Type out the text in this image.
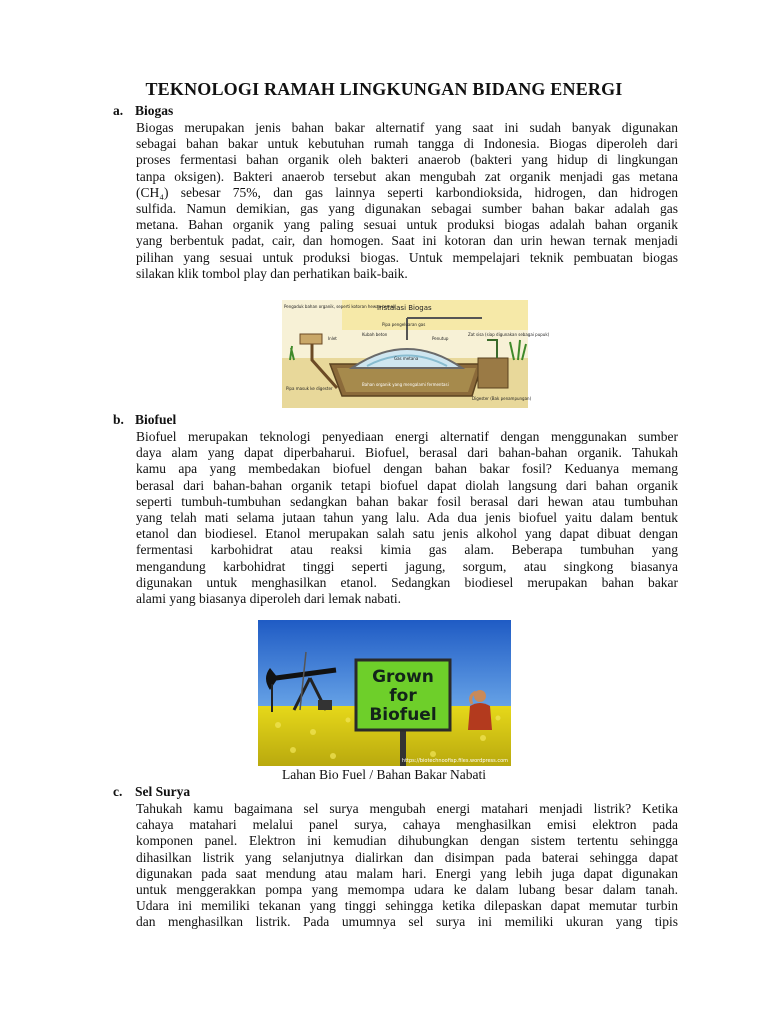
TEKNOLOGI RAMAH LINGKUNGAN BIDANG ENERGI
a. Biogas
Biogas merupakan jenis bahan bakar alternatif yang saat ini sudah banyak digunakan
sebagai bahan bakar untuk kebutuhan rumah tangga di Indonesia. Biogas diperoleh dari
proses fermentasi bahan organik oleh bakteri anaerob (bakteri yang hidup di lingkungan
tanpa oksigen). Bakteri anaerob tersebut akan mengubah zat organik menjadi gas metana
(CH₄) sebesar 75%, dan gas lainnya seperti karbondioksida, hidrogen, dan hidrogen
sulfida. Namun demikian, gas yang digunakan sebagai sumber bahan bakar adalah gas
metana. Bahan organik yang paling sesuai untuk produksi biogas adalah bahan organik
yang berbentuk padat, cair, dan homogen. Saat ini kotoran dan urin hewan ternak menjadi
pilihan yang sesuai untuk produksi biogas. Untuk mempelajari teknik pembuatan biogas
silakan klik tombol play dan perhatikan baik-baik.
Instalasi Biogas
Pengaduk bahan organik, seperti kotoran hewan ternak
Pipa pengeluaran gas
Kubah beton
Inlet	Penutup
Zat sisa (siap digunakan sebagai pupuk)
Gas metana
Pipa masuk ke digester
Bahan organik yang mengalami fermentasi
Digester (Bak penampungan)
b. Biofuel
Biofuel merupakan teknologi penyediaan energi alternatif dengan menggunakan sumber
daya alam yang dapat diperbaharui. Biofuel, berasal dari bahan-bahan organik. Tahukah
kamu apa yang membedakan biofuel dengan bahan bakar fosil? Keduanya memang
berasal dari bahan-bahan organik tetapi biofuel dapat diolah langsung dari bahan organik
seperti tumbuh-tumbuhan sedangkan bahan bakar fosil berasal dari hewan atau tumbuhan
yang telah mati selama jutaan tahun yang lalu. Ada dua jenis biofuel yaitu dalam bentuk
etanol dan biodiesel. Etanol merupakan salah satu jenis alkohol yang dapat dibuat dengan
fermentasi karbohidrat atau reaksi kimia gas alam. Beberapa tumbuhan yang
mengandung karbohidrat tinggi seperti jagung, sorgum, atau singkong biasanya
digunakan untuk menghasilkan etanol. Sedangkan biodiesel merupakan bahan bakar
alami yang biasanya diperoleh dari lemak nabati.
Grown
for
Biofuel
https://biotechnoofisp.files.wordpress.com
Lahan Bio Fuel / Bahan Bakar Nabati
c. Sel Surya
Tahukah kamu bagaimana sel surya mengubah energi matahari menjadi listrik? Ketika
cahaya matahari melalui panel surya, cahaya menghasilkan emisi elektron pada
komponen panel. Elektron ini kemudian dihubungkan dengan sistem tertentu sehingga
dihasilkan listrik yang selanjutnya dialirkan dan disimpan pada baterai sehingga dapat
digunakan pada saat mendung atau malam hari. Energi yang lebih juga dapat digunakan
untuk menggerakkan pompa yang memompa udara ke dalam lubang besar dalam tanah.
Udara ini memiliki tekanan yang tinggi sehingga ketika dilepaskan dapat memutar turbin
dan menghasilkan listrik. Pada umumnya sel surya ini memiliki ukuran yang tipis
